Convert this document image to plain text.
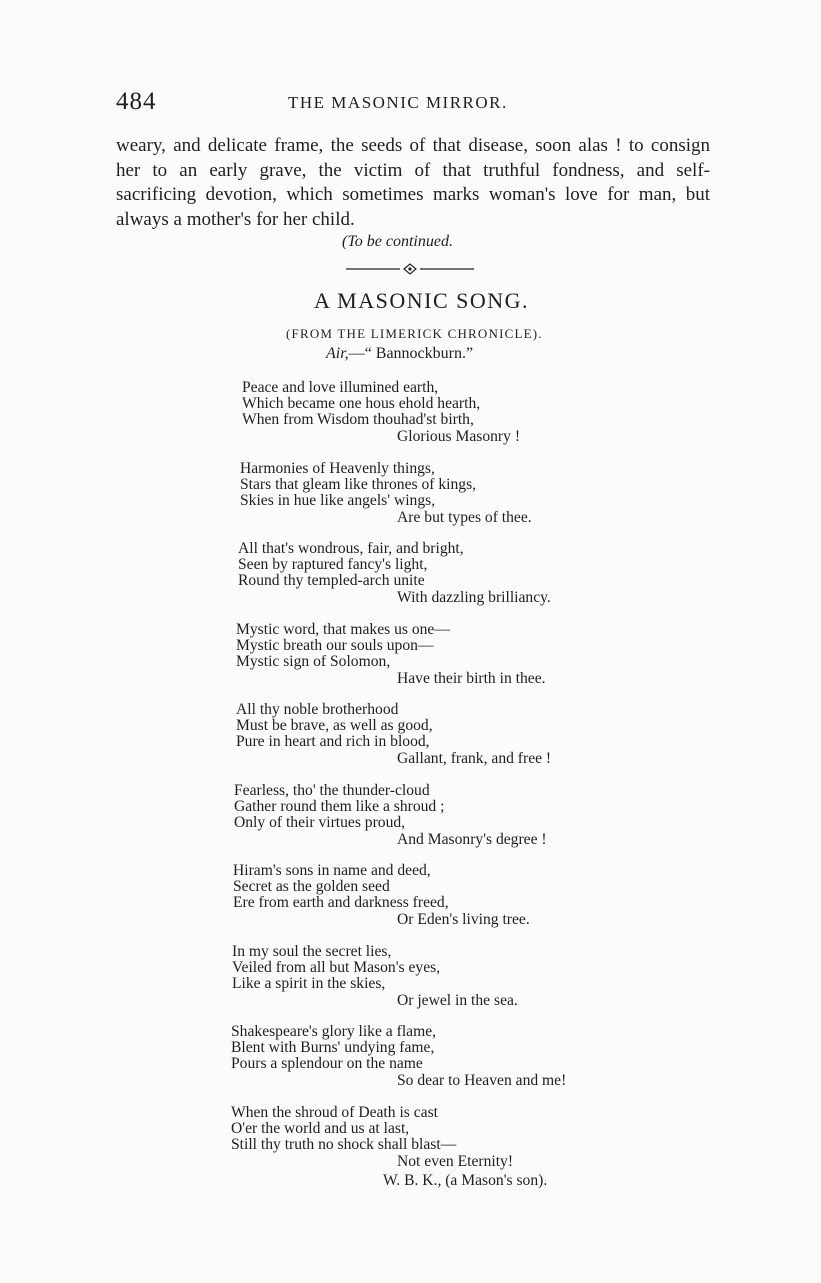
484	THE MASONIC MIRROR.
weary, and delicate frame, the seeds of that disease, soon alas ! to consign
her to an early grave, the victim of that truthful fondness, and self-
sacrificing devotion, which sometimes marks woman's love for man, but
always a mother's for her child.
(To be continued.
A MASONIC SONG.
(FROM THE LIMERICK CHRONICLE).
Air,—“ Bannockburn.”
Peace and love illumined earth,
Which became one hous ehold hearth,
When from Wisdom thouhad'st birth,
Glorious Masonry !
Harmonies of Heavenly things,
Stars that gleam like thrones of kings,
Skies in hue like angels' wings,
Are but types of thee.
All that's wondrous, fair, and bright,
Seen by raptured fancy's light,
Round thy templed-arch unite
With dazzling brilliancy.
Mystic word, that makes us one—
Mystic breath our souls upon—
Mystic sign of Solomon,
Have their birth in thee.
All thy noble brotherhood
Must be brave, as well as good,
Pure in heart and rich in blood,
Gallant, frank, and free !
Fearless, tho' the thunder-cloud
Gather round them like a shroud ;
Only of their virtues proud,
And Masonry's degree !
Hiram's sons in name and deed,
Secret as the golden seed
Ere from earth and darkness freed,
Or Eden's living tree.
In my soul the secret lies,
Veiled from all but Mason's eyes,
Like a spirit in the skies,
Or jewel in the sea.
Shakespeare's glory like a flame,
Blent with Burns' undying fame,
Pours a splendour on the name
So dear to Heaven and me!
When the shroud of Death is cast
O'er the world and us at last,
Still thy truth no shock shall blast—
Not even Eternity!
W. B. K., (a Mason's son).
